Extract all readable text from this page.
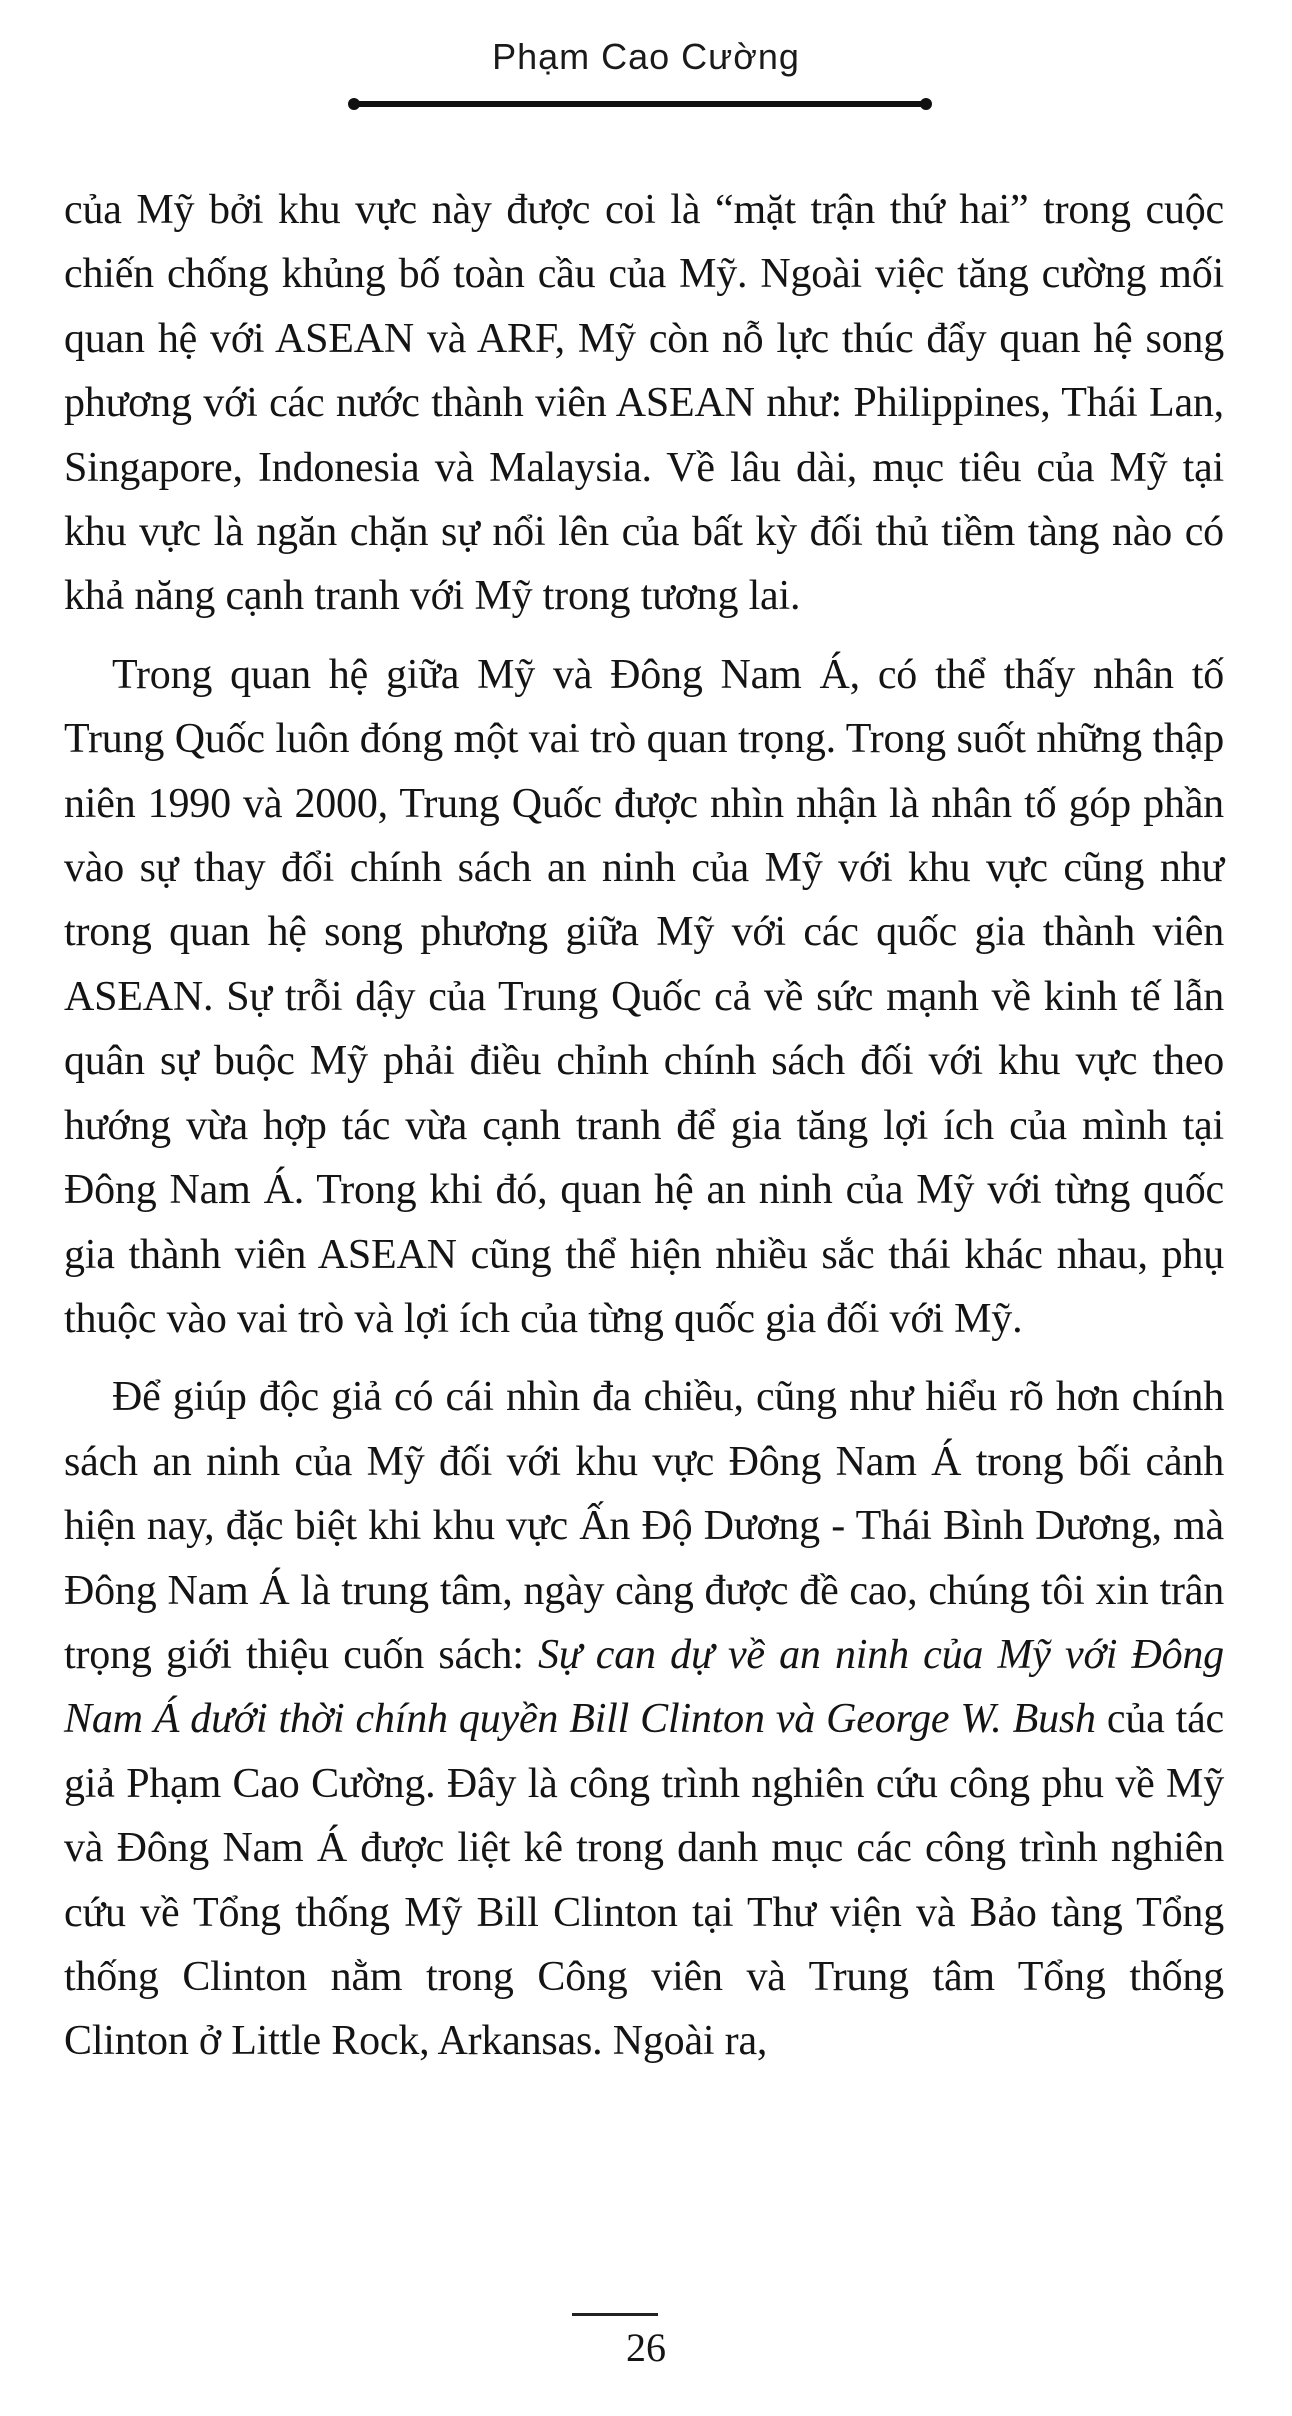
Phạm Cao Cường

của Mỹ bởi khu vực này được coi là “mặt trận thứ hai” trong cuộc chiến chống khủng bố toàn cầu của Mỹ. Ngoài việc tăng cường mối quan hệ với ASEAN và ARF, Mỹ còn nỗ lực thúc đẩy quan hệ song phương với các nước thành viên ASEAN như: Philippines, Thái Lan, Singapore, Indonesia và Malaysia. Về lâu dài, mục tiêu của Mỹ tại khu vực là ngăn chặn sự nổi lên của bất kỳ đối thủ tiềm tàng nào có khả năng cạnh tranh với Mỹ trong tương lai.

Trong quan hệ giữa Mỹ và Đông Nam Á, có thể thấy nhân tố Trung Quốc luôn đóng một vai trò quan trọng. Trong suốt những thập niên 1990 và 2000, Trung Quốc được nhìn nhận là nhân tố góp phần vào sự thay đổi chính sách an ninh của Mỹ với khu vực cũng như trong quan hệ song phương giữa Mỹ với các quốc gia thành viên ASEAN. Sự trỗi dậy của Trung Quốc cả về sức mạnh về kinh tế lẫn quân sự buộc Mỹ phải điều chỉnh chính sách đối với khu vực theo hướng vừa hợp tác vừa cạnh tranh để gia tăng lợi ích của mình tại Đông Nam Á. Trong khi đó, quan hệ an ninh của Mỹ với từng quốc gia thành viên ASEAN cũng thể hiện nhiều sắc thái khác nhau, phụ thuộc vào vai trò và lợi ích của từng quốc gia đối với Mỹ.

Để giúp độc giả có cái nhìn đa chiều, cũng như hiểu rõ hơn chính sách an ninh của Mỹ đối với khu vực Đông Nam Á trong bối cảnh hiện nay, đặc biệt khi khu vực Ấn Độ Dương - Thái Bình Dương, mà Đông Nam Á là trung tâm, ngày càng được đề cao, chúng tôi xin trân trọng giới thiệu cuốn sách: Sự can dự về an ninh của Mỹ với Đông Nam Á dưới thời chính quyền Bill Clinton và George W. Bush của tác giả Phạm Cao Cường. Đây là công trình nghiên cứu công phu về Mỹ và Đông Nam Á được liệt kê trong danh mục các công trình nghiên cứu về Tổng thống Mỹ Bill Clinton tại Thư viện và Bảo tàng Tổng thống Clinton nằm trong Công viên và Trung tâm Tổng thống Clinton ở Little Rock, Arkansas. Ngoài ra,

26
